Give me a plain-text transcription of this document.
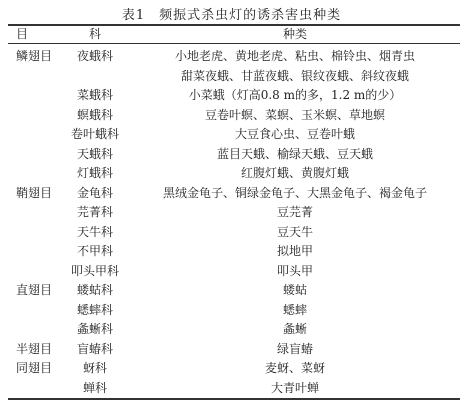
表1　频振式杀虫灯的诱杀害虫种类
目	科	种类
鳞翅目	夜蛾科	小地老虎、黄地老虎、粘虫、棉铃虫、烟青虫
甜菜夜蛾、甘蓝夜蛾、银纹夜蛾、斜纹夜蛾
菜蛾科	小菜蛾（灯高0.8 m的多，1.2 m的少）
螟蛾科	豆卷叶螟、菜螟、玉米螟、草地螟
卷叶蛾科	大豆食心虫、豆卷叶蛾
天蛾科	蓝目天蛾、榆绿天蛾、豆天蛾
灯蛾科	红腹灯蛾、黄腹灯蛾
鞘翅目	金龟科	黑绒金龟子、铜绿金龟子、大黑金龟子、褐金龟子
芫菁科	豆芫菁
天牛科	豆天牛
不甲科	拟地甲
叩头甲科	叩头甲
直翅目	蝼蛄科	蝼蛄
蟋蟀科	蟋蟀
螽蜥科	螽蜥
半翅目	盲蝽科	绿盲蝽
同翅目	蚜科	麦蚜、菜蚜
蝉科	大青叶蝉
